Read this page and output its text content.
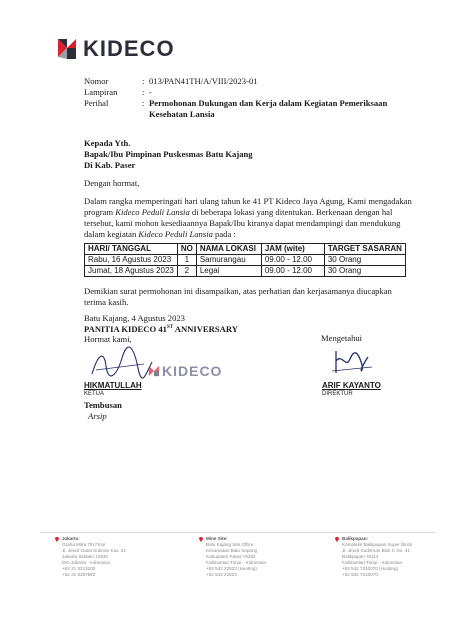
KIDECO
Nomor	: 013/PAN41TH/A/VIII/2023-01
Lampiran	: -
Perihal	: Permohonan Dukungan dan Kerja dalam Kegiatan Pemeriksaan
Kesehatan Lansia
Kepada Yth.
Bapak/Ibu Pimpinan Puskesmas Batu Kajang
Di Kab. Paser

Dengan hormat,

Dalam rangka memperingati hari ulang tahun ke 41 PT Kideco Jaya Agung, Kami mengadakan

program Kideco Peduli Lansia di beberapa lokasi yang ditentukan. Berkenaan dengan hal

tersebut, kami mohon kesediaannya Bapak/Ibu kiranya dapat mendampingi dan mendukung

dalam kegiatan Kideco Peduli Lansia pada :

HARI/ TANGGAL	NO	NAMA LOKASI	JAM (wite)	TARGET SASARAN
Rabu, 16 Agustus 2023	1	Samurangau	09.00 - 12.00	30 Orang
Jumat, 18 Agustus 2023	2	Legai	09.00 - 12.00	30 Orang

Demikian surat permohonan ini disampaikan, atas perhatian dan kerjasamanya diucapkan

terima kasih.

Batu Kajang, 4 Agustus 2023
PANITIA KIDECO 41ST ANNIVERSARY
Hormat kami,	Mengetahui
KIDECO
HIKMATULLAH
KETUA
ARIF KAYANTO
DIREKTUR
Tembusan
Arsip
Jakarta:
Graha Mitra 7th Floor
Jl. Jendr Gatot Subroto Kav. 21
Jakarta Selatan 12930
DKI Jakarta - Indonesia
+62 21 5213200
+62 21 5257662
Mine Site:
Batu Kajang Site Office
Kecamatan Batu Sopang
Kabupaten Paser 76252
Kalimantan Timur - Indonesia
+62 543 22523 (Hunting)
+62 543 22523
Balikpapan:
Kompleks Balikpapan Super Block
Jl. Jendr Sudirman Blok C No. 41
Balikpapan 76114
Kalimantan Timur - Indonesia
+62 542 7210070 (Hunting)
+62 542 7210070
